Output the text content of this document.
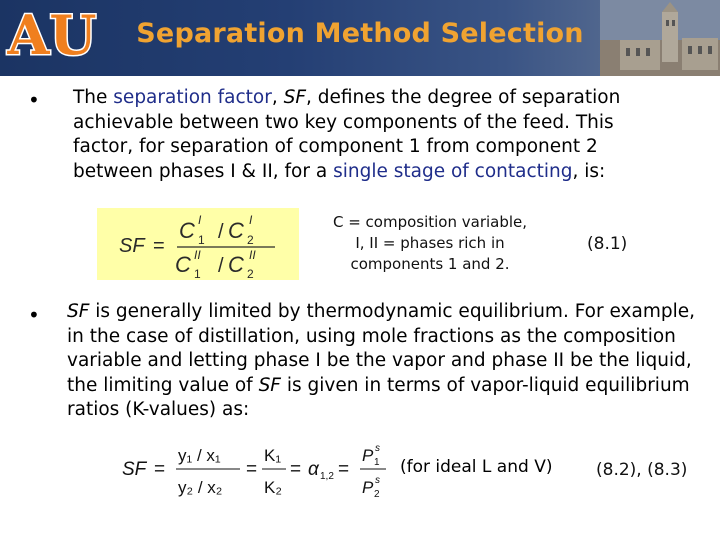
AU	Separation Method Selection
• The separation factor, SF, defines the degree of separation achievable between two key components of the feed. This factor, for separation of component 1 from component 2 between phases I & II, for a single stage of contacting, is:
SF =
C 1
I
/ C 2
I
C 1
II / C 2
II
C = composition variable,
I, II = phases rich in
components 1 and 2.
(8.1)
• SF is generally limited by thermodynamic equilibrium. For example, in the case of distillation, using mole fractions as the composition variable and letting phase I be the vapor and phase II be the liquid, the limiting value of SF is given in terms of vapor-liquid equilibrium ratios (K-values) as:
SF =
y₁ / x₁
y₂ / x₂
=
K₁
K₂
= α 1,2 =
P 1
s
P 2
s
(for ideal L and V)	(8.2), (8.3)
